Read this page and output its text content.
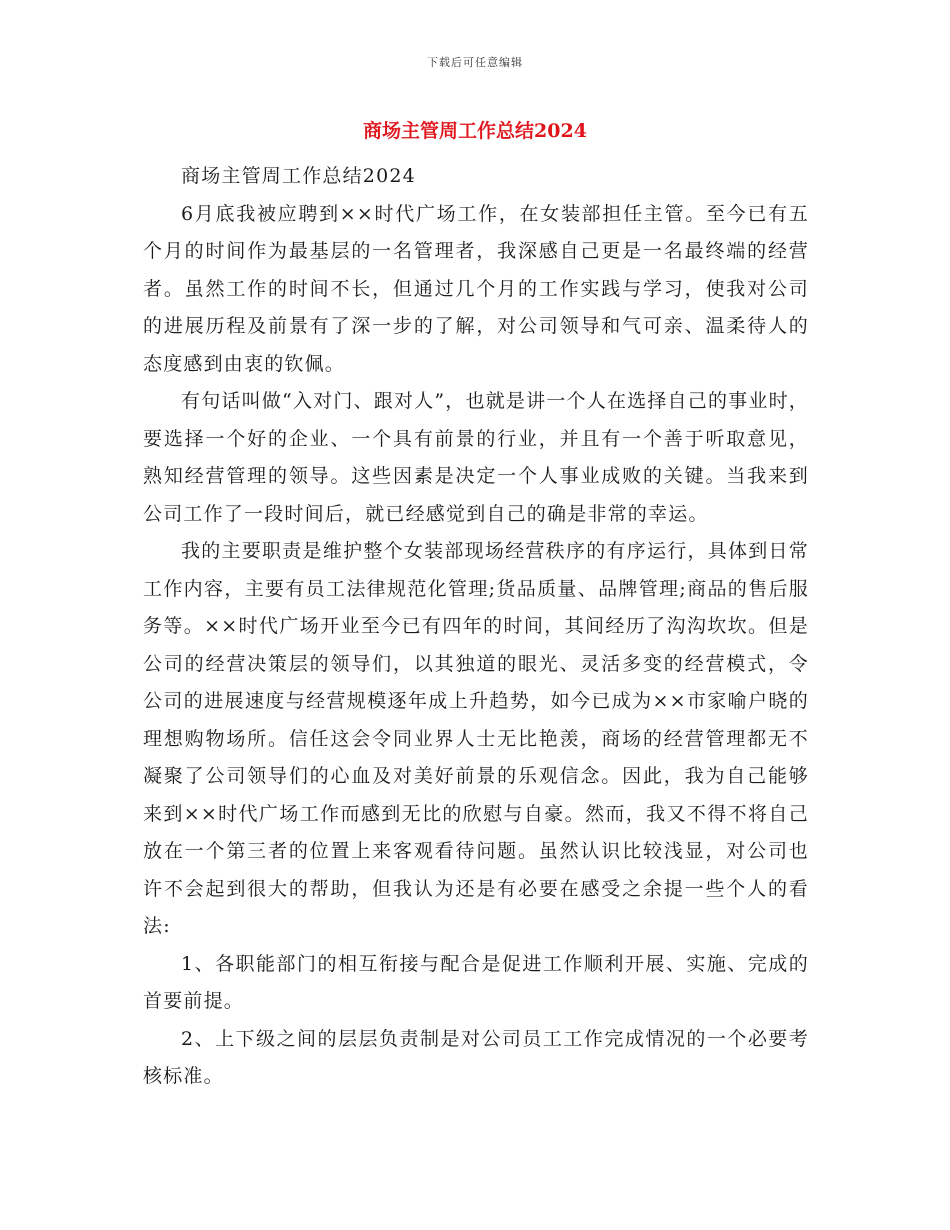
下载后可任意编辑
商场主管周工作总结2024

商场主管周工作总结2024

6月底我被应聘到××时代广场工作，在女装部担任主管。至今已有五个月的时间作为最基层的一名管理者，我深感自己更是一名最终端的经营者。虽然工作的时间不长，但通过几个月的工作实践与学习，使我对公司的进展历程及前景有了深一步的了解，对公司领导和气可亲、温柔待人的态度感到由衷的钦佩。

有句话叫做“入对门、跟对人”，也就是讲一个人在选择自己的事业时，要选择一个好的企业、一个具有前景的行业，并且有一个善于听取意见，熟知经营管理的领导。这些因素是决定一个人事业成败的关键。当我来到公司工作了一段时间后，就已经感觉到自己的确是非常的幸运。

我的主要职责是维护整个女装部现场经营秩序的有序运行，具体到日常工作内容，主要有员工法律规范化管理;货品质量、品牌管理;商品的售后服务等。××时代广场开业至今已有四年的时间，其间经历了沟沟坎坎。但是公司的经营决策层的领导们，以其独道的眼光、灵活多变的经营模式，令公司的进展速度与经营规模逐年成上升趋势，如今已成为××市家喻户晓的理想购物场所。信任这会令同业界人士无比艳羡，商场的经营管理都无不凝聚了公司领导们的心血及对美好前景的乐观信念。因此，我为自己能够来到××时代广场工作而感到无比的欣慰与自豪。然而，我又不得不将自己放在一个第三者的位置上来客观看待问题。虽然认识比较浅显，对公司也许不会起到很大的帮助，但我认为还是有必要在感受之余提一些个人的看法:

1、各职能部门的相互衔接与配合是促进工作顺利开展、实施、完成的首要前提。

2、上下级之间的层层负责制是对公司员工工作完成情况的一个必要考核标准。
